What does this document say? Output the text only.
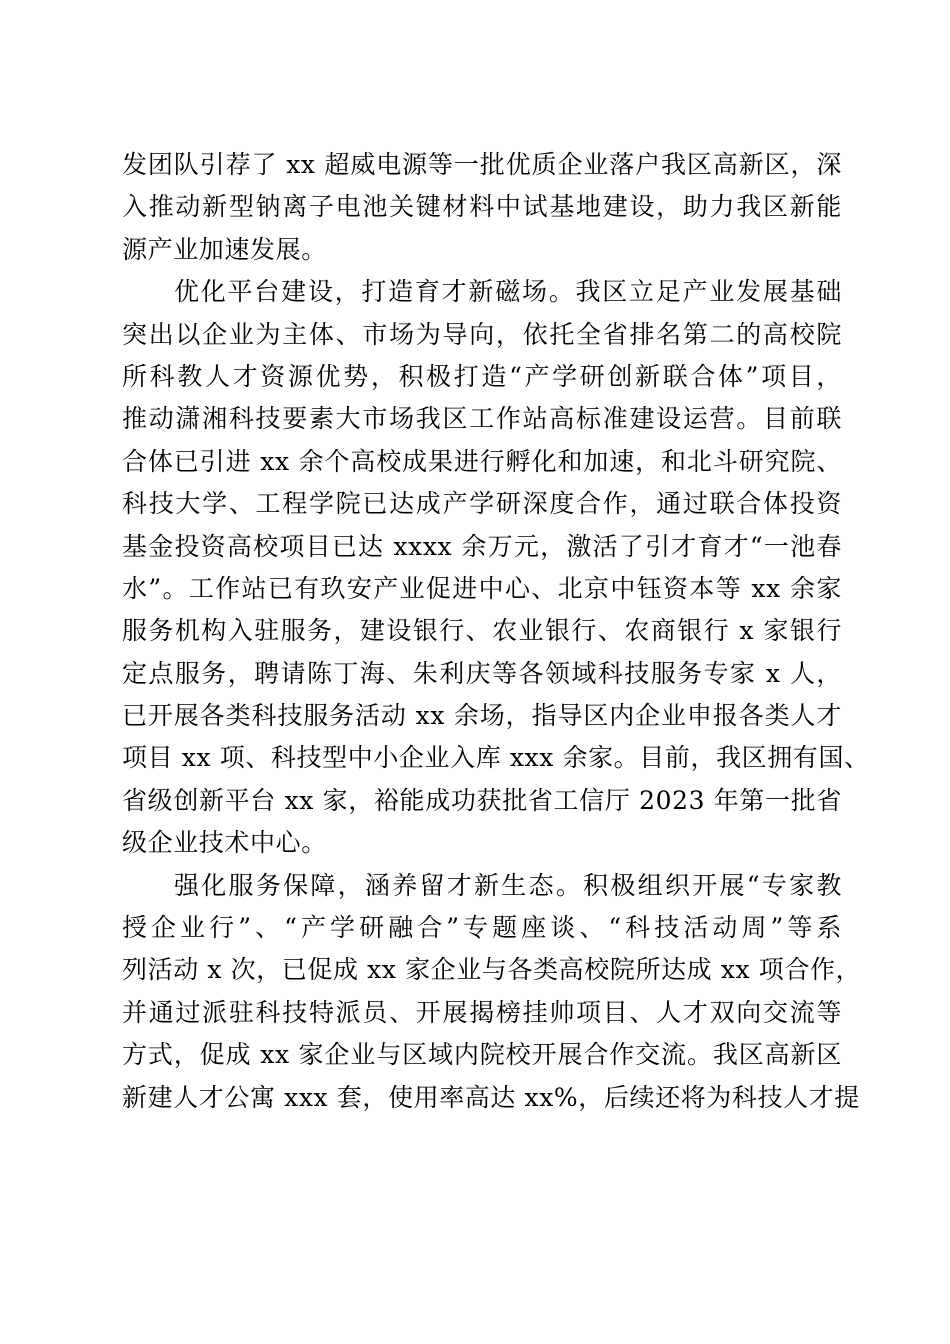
发团队引荐了 xx 超威电源等一批优质企业落户我区高新区，深
入推动新型钠离子电池关键材料中试基地建设，助力我区新能
源产业加速发展。

优化平台建设，打造育才新磁场。我区立足产业发展基础
突出以企业为主体、市场为导向，依托全省排名第二的高校院
所科教人才资源优势，积极打造“产学研创新联合体”项目，
推动潇湘科技要素大市场我区工作站高标准建设运营。目前联
合体已引进 xx 余个高校成果进行孵化和加速，和北斗研究院、
科技大学、工程学院已达成产学研深度合作，通过联合体投资
基金投资高校项目已达 xxxx 余万元，激活了引才育才“一池春
水”。工作站已有玖安产业促进中心、北京中钰资本等 xx 余家
服务机构入驻服务，建设银行、农业银行、农商银行 x 家银行
定点服务，聘请陈丁海、朱利庆等各领域科技服务专家 x 人，
已开展各类科技服务活动 xx 余场，指导区内企业申报各类人才
项目 xx 项、科技型中小企业入库 xxx 余家。目前，我区拥有国、
省级创新平台 xx 家，裕能成功获批省工信厅 2023 年第一批省
级企业技术中心。

强化服务保障，涵养留才新生态。积极组织开展“专家教
授企业行”、“产学研融合”专题座谈、“科技活动周”等系
列活动 x 次，已促成 xx 家企业与各类高校院所达成 xx 项合作，
并通过派驻科技特派员、开展揭榜挂帅项目、人才双向交流等
方式，促成 xx 家企业与区域内院校开展合作交流。我区高新区
新建人才公寓 xxx 套，使用率高达 xx%，后续还将为科技人才提
